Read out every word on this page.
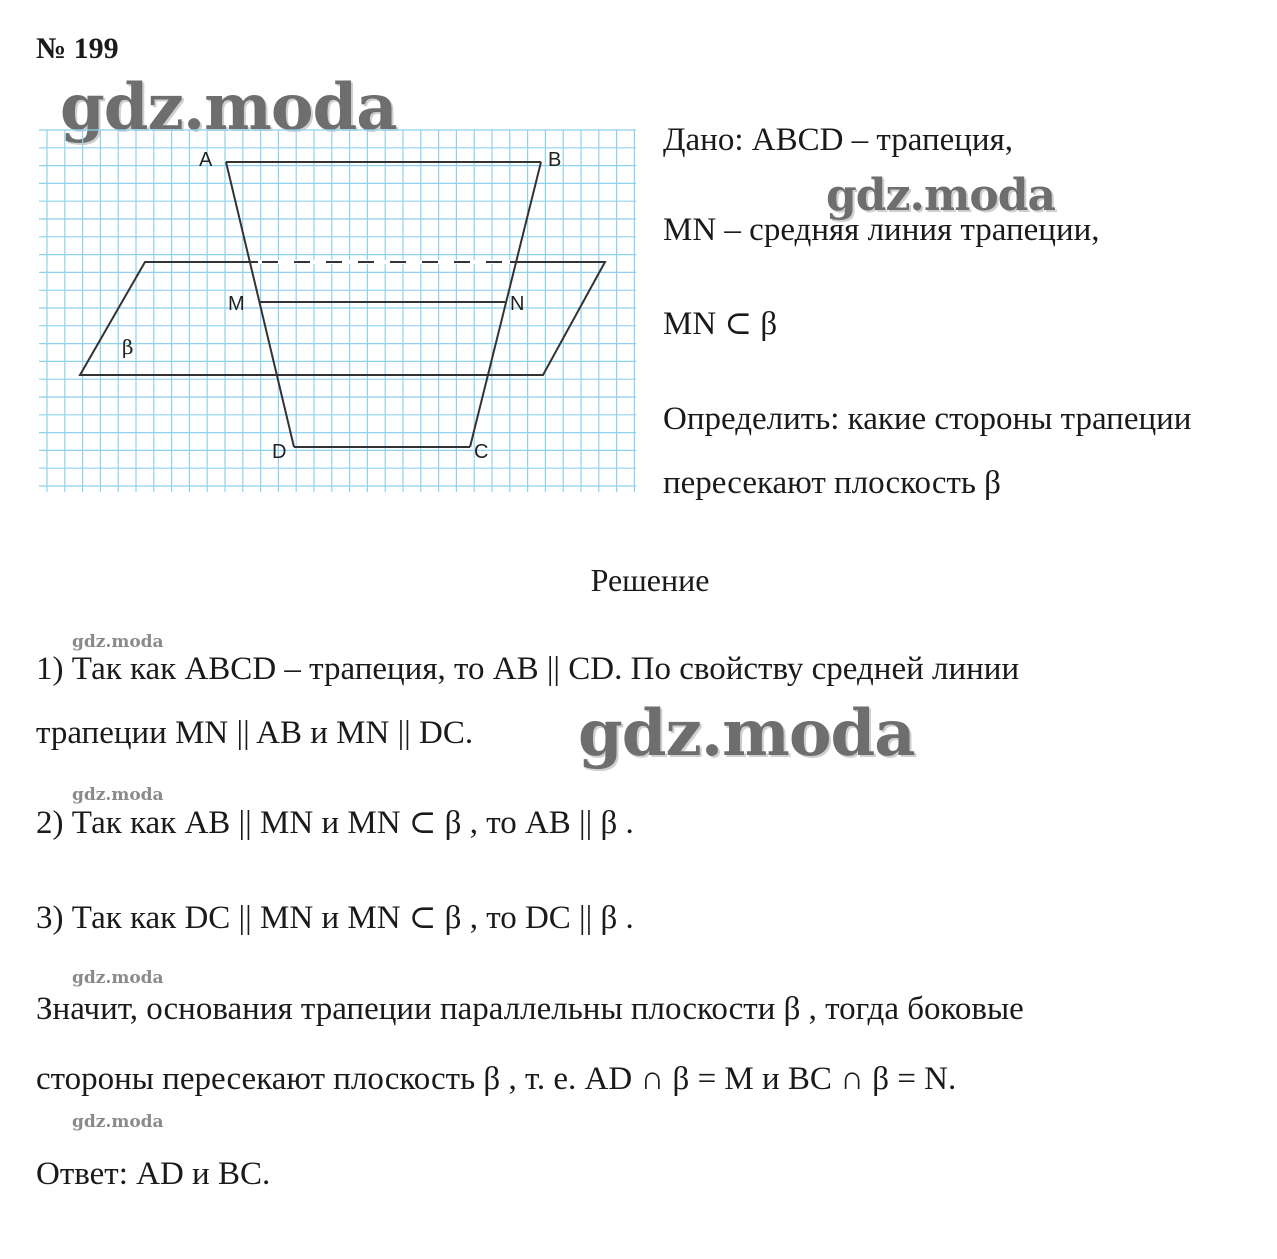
№ 199
gdz.moda
gdz.moda
gdz.moda
gdz.moda
gdz.moda
gdz.moda
gdz.moda
A	B
C
D
M	N
β
Дано: ABCD – трапеция,
MN – средняя линия трапеции,
MN ⊂ β
Определить: какие стороны трапеции
пересекают плоскость β
Решение
1) Так как ABCD – трапеция, то AB || CD. По свойству средней линии
трапеции MN || AB и MN || DC.
2) Так как AB || MN и MN ⊂ β , то AB || β .
3) Так как DC || MN и MN ⊂ β , то DC || β .
Значит, основания трапеции параллельны плоскости β , тогда боковые
стороны пересекают плоскость β , т. е. AD ∩ β = M и BC ∩ β = N.
Ответ: AD и BC.
